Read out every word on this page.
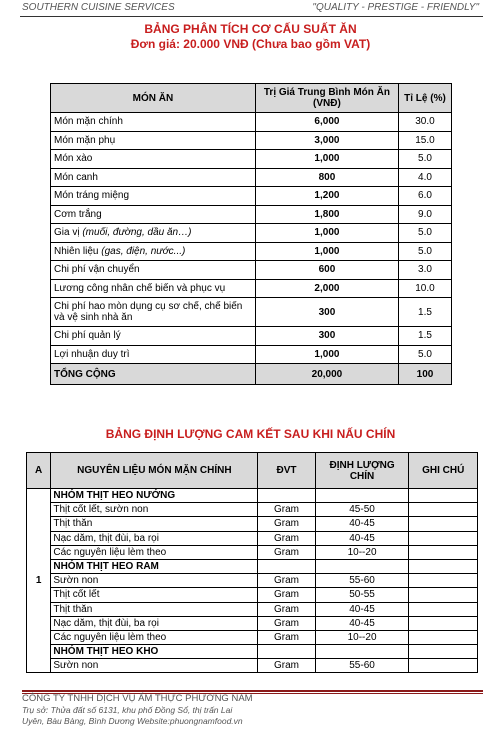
SOUTHERN CUISINE SERVICES	"QUALITY - PRESTIGE - FRIENDLY"
BẢNG PHÂN TÍCH CƠ CẤU SUẤT ĂN
Đơn giá: 20.000 VNĐ (Chưa bao gồm VAT)
MÓN ĂN	Trị Giá Trung Bình Món Ăn (VNĐ)	Tỉ Lệ (%)
Món mặn chính	6,000	30.0
Món mặn phụ	3,000	15.0
Món xào	1,000	5.0
Món canh	800	4.0
Món tráng miệng	1,200	6.0
Cơm trắng	1,800	9.0
Gia vị (muối, đường, dầu ăn…)	1,000	5.0
Nhiên liệu (gas, điện, nước...)	1,000	5.0
Chi phí vận chuyển	600	3.0
Lương công nhân chế biến và phục vụ	2,000	10.0
Chi phí hao mòn dụng cụ sơ chế, chế biến và vệ sinh nhà ăn	300	1.5
Chi phí quản lý	300	1.5
Lợi nhuận duy trì	1,000	5.0
TỔNG CỘNG	20,000	100
BẢNG ĐỊNH LƯỢNG CAM KẾT SAU KHI NẤU CHÍN
A	NGUYÊN LIỆU MÓN MẶN CHÍNH	ĐVT	ĐỊNH LƯỢNG CHÍN	GHI CHÚ
1	NHÓM THỊT HEO NƯỚNG			
	Thịt cốt lết, sườn non	Gram	45-50	
	Thịt thăn	Gram	40-45	
	Nạc dăm, thịt đùi, ba rọi	Gram	40-45	
	Các nguyên liệu lèm theo	Gram	10--20	
	NHÓM THỊT HEO RAM			
	Sườn non	Gram	55-60	
	Thịt cốt lết	Gram	50-55	
	Thịt thăn	Gram	40-45	
	Nạc dăm, thịt đùi, ba rọi	Gram	40-45	
	Các nguyên liệu lèm theo	Gram	10--20	
	NHÓM THỊT HEO KHO			
	Sườn non	Gram	55-60	
CÔNG TY TNHH DỊCH VỤ ẨM THỰC PHƯƠNG NAM
Trụ sở: Thửa đất số 6131, khu phố Đồng Sổ, thị trấn Lai
Uyên, Bàu Bàng, Bình Dương Website:phuongnamfood.vn
